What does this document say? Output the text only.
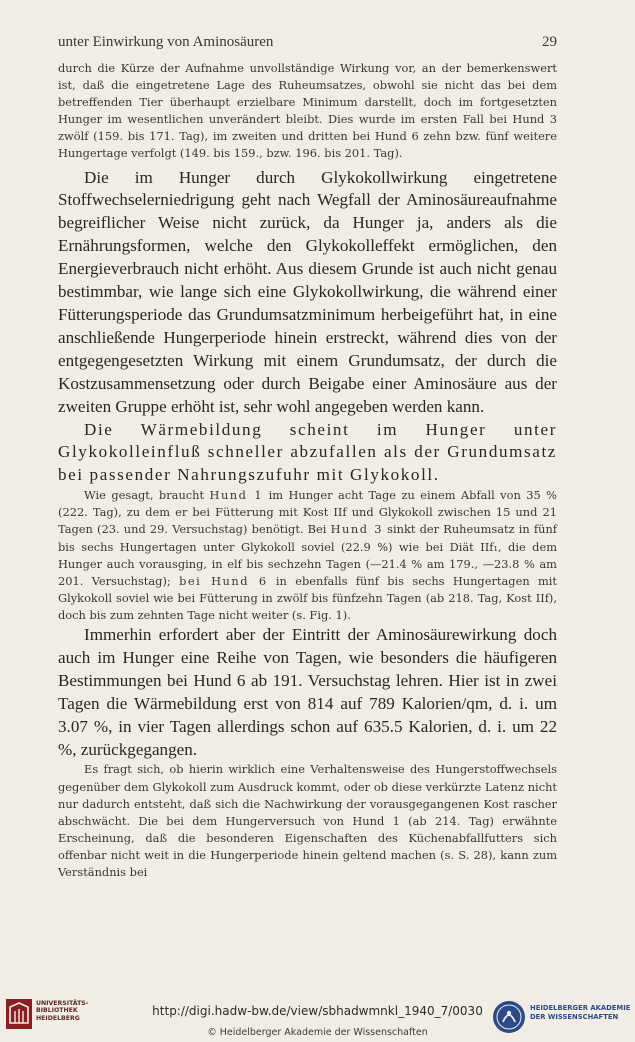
unter Einwirkung von Aminosäuren	29

durch die Kürze der Aufnahme unvollständige Wirkung vor, an der bemerkenswert ist, daß die eingetretene Lage des Ruheumsatzes, obwohl sie nicht das bei dem betreffenden Tier überhaupt erzielbare Minimum darstellt, doch im fortgesetzten Hunger im wesentlichen unverändert bleibt. Dies wurde im ersten Fall bei Hund 3 zwölf (159. bis 171. Tag), im zweiten und dritten bei Hund 6 zehn bzw. fünf weitere Hungertage verfolgt (149. bis 159., bzw. 196. bis 201. Tag).

Die im Hunger durch Glykokollwirkung eingetretene Stoffwechselerniedrigung geht nach Wegfall der Aminosäureaufnahme begreiflicher Weise nicht zurück, da Hunger ja, anders als die Ernährungsformen, welche den Glykokolleffekt ermöglichen, den Energieverbrauch nicht erhöht. Aus diesem Grunde ist auch nicht genau bestimmbar, wie lange sich eine Glykokollwirkung, die während einer Fütterungsperiode das Grundumsatzminimum herbeigeführt hat, in eine anschließende Hungerperiode hinein erstreckt, während dies von der entgegengesetzten Wirkung mit einem Grundumsatz, der durch die Kostzusammensetzung oder durch Beigabe einer Aminosäure aus der zweiten Gruppe erhöht ist, sehr wohl angegeben werden kann.

Die Wärmebildung scheint im Hunger unter Glykokolleinfluß schneller abzufallen als der Grundumsatz bei passender Nahrungszufuhr mit Glykokoll.

Wie gesagt, braucht Hund 1 im Hunger acht Tage zu einem Abfall von 35 % (222. Tag), zu dem er bei Fütterung mit Kost IIf und Glykokoll zwischen 15 und 21 Tagen (23. und 29. Versuchstag) benötigt. Bei Hund 3 sinkt der Ruheumsatz in fünf bis sechs Hungertagen unter Glykokoll soviel (22.9 %) wie bei Diät IIf₁, die dem Hunger auch vorausging, in elf bis sechzehn Tagen (—21.4 % am 179., —23.8 % am 201. Versuchstag); bei Hund 6 in ebenfalls fünf bis sechs Hungertagen mit Glykokoll soviel wie bei Fütterung in zwölf bis fünfzehn Tagen (ab 218. Tag, Kost IIf), doch bis zum zehnten Tage nicht weiter (s. Fig. 1).

Immerhin erfordert aber der Eintritt der Aminosäurewirkung doch auch im Hunger eine Reihe von Tagen, wie besonders die häufigeren Bestimmungen bei Hund 6 ab 191. Versuchstag lehren. Hier ist in zwei Tagen die Wärmebildung erst von 814 auf 789 Kalorien/qm, d. i. um 3.07 %, in vier Tagen allerdings schon auf 635.5 Kalorien, d. i. um 22 %, zurückgegangen.

Es fragt sich, ob hierin wirklich eine Verhaltensweise des Hungerstoffwechsels gegenüber dem Glykokoll zum Ausdruck kommt, oder ob diese verkürzte Latenz nicht nur dadurch entsteht, daß sich die Nachwirkung der vorausgegangenen Kost rascher abschwächt. Die bei dem Hungerversuch von Hund 1 (ab 214. Tag) erwähnte Erscheinung, daß die besonderen Eigenschaften des Küchenabfallfutters sich offenbar nicht weit in die Hungerperiode hinein geltend machen (s. S. 28), kann zum Verständnis bei

UNIVERSITÄTS-
BIBLIOTHEK
HEIDELBERG
http://digi.hadw-bw.de/view/sbhadwmnkl_1940_7/0030
© Heidelberger Akademie der Wissenschaften
HEIDELBERGER AKADEMIE
DER WISSENSCHAFTEN
